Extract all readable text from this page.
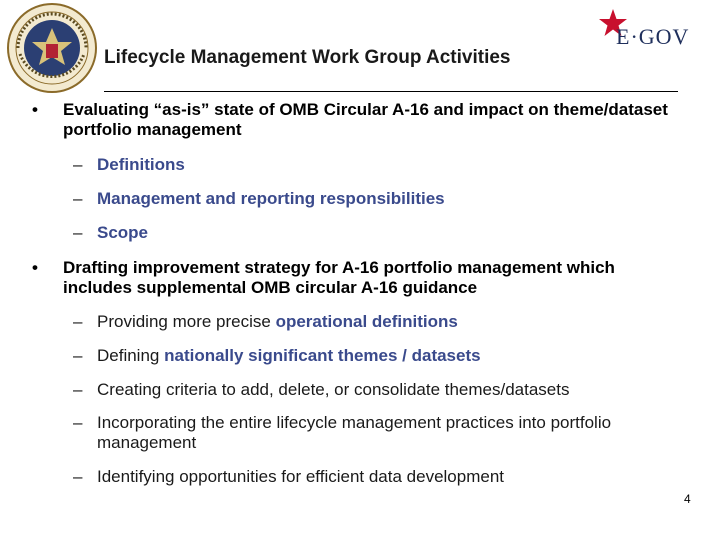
Lifecycle Management Work Group Activities
E·GOV
• Evaluating “as-is” state of OMB Circular A-16 and impact on theme/dataset portfolio management
– Definitions
– Management and reporting responsibilities
– Scope
• Drafting improvement strategy for A-16 portfolio management which includes supplemental OMB circular A-16 guidance
– Providing more precise operational definitions
– Defining nationally significant themes / datasets
– Creating criteria to add, delete, or consolidate themes/datasets
– Incorporating the entire lifecycle management practices into portfolio management
– Identifying opportunities for efficient data development
4
